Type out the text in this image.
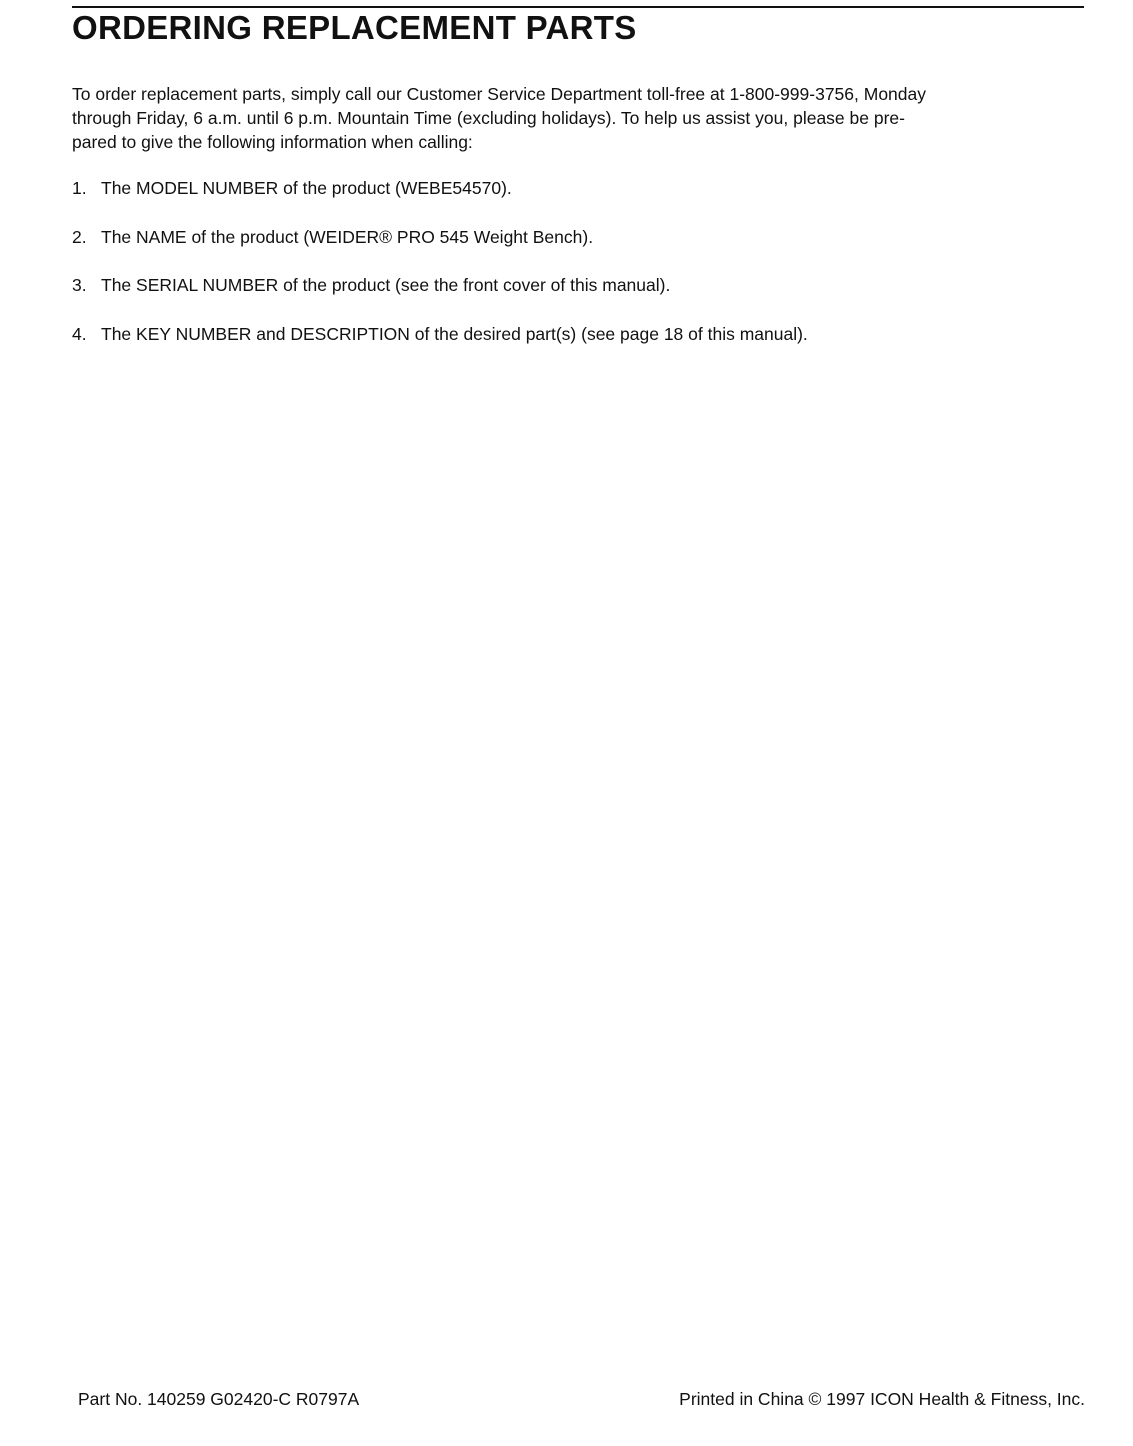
ORDERING REPLACEMENT PARTS

To order replacement parts, simply call our Customer Service Department toll-free at 1-800-999-3756, Monday
through Friday, 6 a.m. until 6 p.m. Mountain Time (excluding holidays). To help us assist you, please be pre-
pared to give the following information when calling:

1. The MODEL NUMBER of the product (WEBE54570).
2. The NAME of the product (WEIDER® PRO 545 Weight Bench).
3. The SERIAL NUMBER of the product (see the front cover of this manual).
4. The KEY NUMBER and DESCRIPTION of the desired part(s) (see page 18 of this manual).
Part No. 140259 G02420-C R0797A	Printed in China © 1997 ICON Health & Fitness, Inc.
